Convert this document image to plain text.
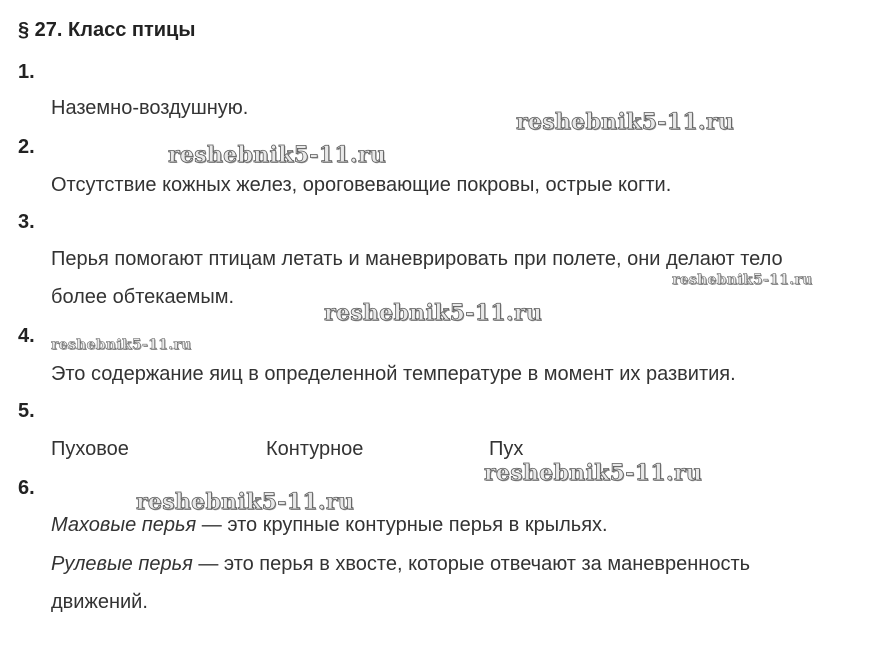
§ 27. Класс птицы
1.
Наземно-воздушную.
2.
Отсутствие кожных желез, ороговевающие покровы, острые когти.
3.
Перья помогают птицам летать и маневрировать при полете, они делают тело
более обтекаемым.
4.
Это содержание яиц в определенной температуре в момент их развития.
5.
Пуховое	Контурное	Пух
6.
Маховые перья — это крупные контурные перья в крыльях.
Рулевые перья — это перья в хвосте, которые отвечают за маневренность
движений.
reshebnik5-11.ru
reshebnik5-11.ru
reshebnik5-11.ru
reshebnik5-11.ru
reshebnik5-11.ru
reshebnik5-11.ru
reshebnik5-11.ru
